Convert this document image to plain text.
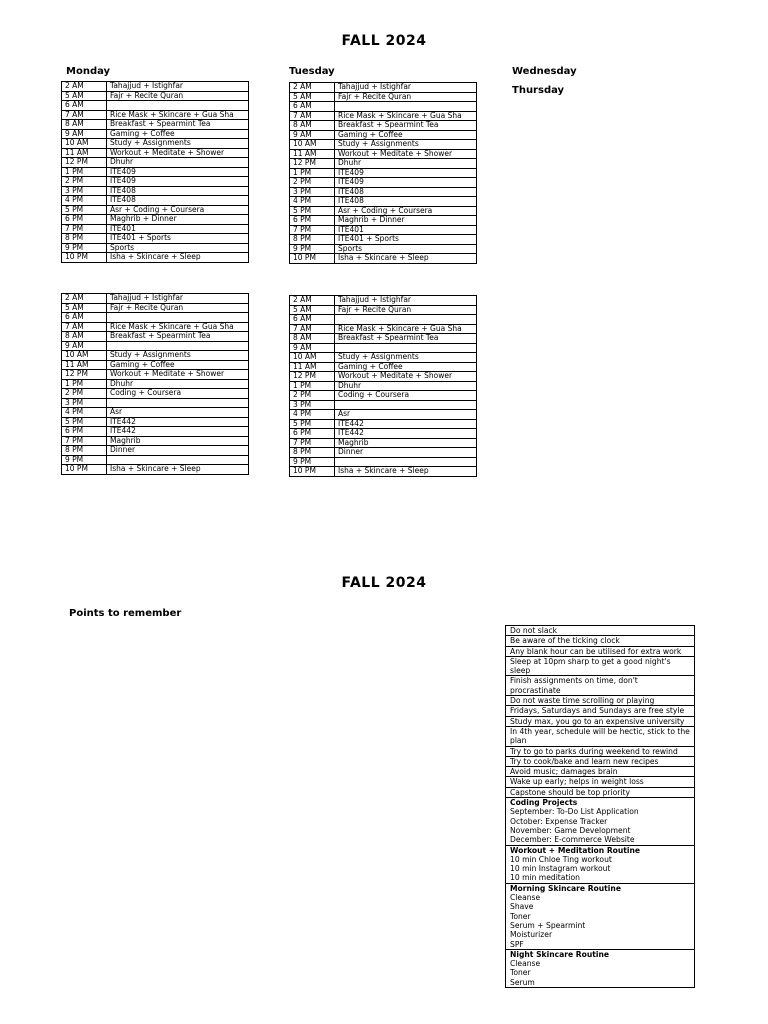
FALL 2024
Monday	Tuesday	Wednesday
Thursday
2 AM	Tahajjud + Istighfar
5 AM	Fajr + Recite Quran
6 AM	
7 AM	Rice Mask + Skincare + Gua Sha
8 AM	Breakfast + Spearmint Tea
9 AM	Gaming + Coffee
10 AM	Study + Assignments
11 AM	Workout + Meditate + Shower
12 PM	Dhuhr
1 PM	ITE409
2 PM	ITE409
3 PM	ITE408
4 PM	ITE408
5 PM	Asr + Coding + Coursera
6 PM	Maghrib + Dinner
7 PM	ITE401
8 PM	ITE401 + Sports
9 PM	Sports
10 PM	Isha + Skincare + Sleep
2 AM	Tahajjud + Istighfar
5 AM	Fajr + Recite Quran
6 AM	
7 AM	Rice Mask + Skincare + Gua Sha
8 AM	Breakfast + Spearmint Tea
9 AM	Gaming + Coffee
10 AM	Study + Assignments
11 AM	Workout + Meditate + Shower
12 PM	Dhuhr
1 PM	ITE409
2 PM	ITE409
3 PM	ITE408
4 PM	ITE408
5 PM	Asr + Coding + Coursera
6 PM	Maghrib + Dinner
7 PM	ITE401
8 PM	ITE401 + Sports
9 PM	Sports
10 PM	Isha + Skincare + Sleep
2 AM	Tahajjud + Istighfar
5 AM	Fajr + Recite Quran
6 AM	
7 AM	Rice Mask + Skincare + Gua Sha
8 AM	Breakfast + Spearmint Tea
9 AM	
10 AM	Study + Assignments
11 AM	Gaming + Coffee
12 PM	Workout + Meditate + Shower
1 PM	Dhuhr
2 PM	Coding + Coursera
3 PM	
4 PM	Asr
5 PM	ITE442
6 PM	ITE442
7 PM	Maghrib
8 PM	Dinner
9 PM	
10 PM	Isha + Skincare + Sleep
2 AM	Tahajjud + Istighfar
5 AM	Fajr + Recite Quran
6 AM	
7 AM	Rice Mask + Skincare + Gua Sha
8 AM	Breakfast + Spearmint Tea
9 AM	
10 AM	Study + Assignments
11 AM	Gaming + Coffee
12 PM	Workout + Meditate + Shower
1 PM	Dhuhr
2 PM	Coding + Coursera
3 PM	
4 PM	Asr
5 PM	ITE442
6 PM	ITE442
7 PM	Maghrib
8 PM	Dinner
9 PM	
10 PM	Isha + Skincare + Sleep
FALL 2024
Points to remember
Do not slack

Be aware of the ticking clock

Any blank hour can be utilised for extra work

Sleep at 10pm sharp to get a good night's sleep

Finish assignments on time, don't procrastinate

Do not waste time scrolling or playing

Fridays, Saturdays and Sundays are free style

Study max, you go to an expensive university

In 4th year, schedule will be hectic, stick to the plan

Try to go to parks during weekend to rewind

Try to cook/bake and learn new recipes

Avoid music; damages brain

Wake up early; helps in weight loss

Capstone should be top priority

Coding Projects
September: To-Do List Application
October: Expense Tracker
November: Game Development
December: E-commerce Website

Workout + Meditation Routine
10 min Chloe Ting workout
10 min Instagram workout
10 min meditation

Morning Skincare Routine
Cleanse
Shave
Toner
Serum + Spearmint
Moisturizer
SPF

Night Skincare Routine
Cleanse
Toner
Serum
